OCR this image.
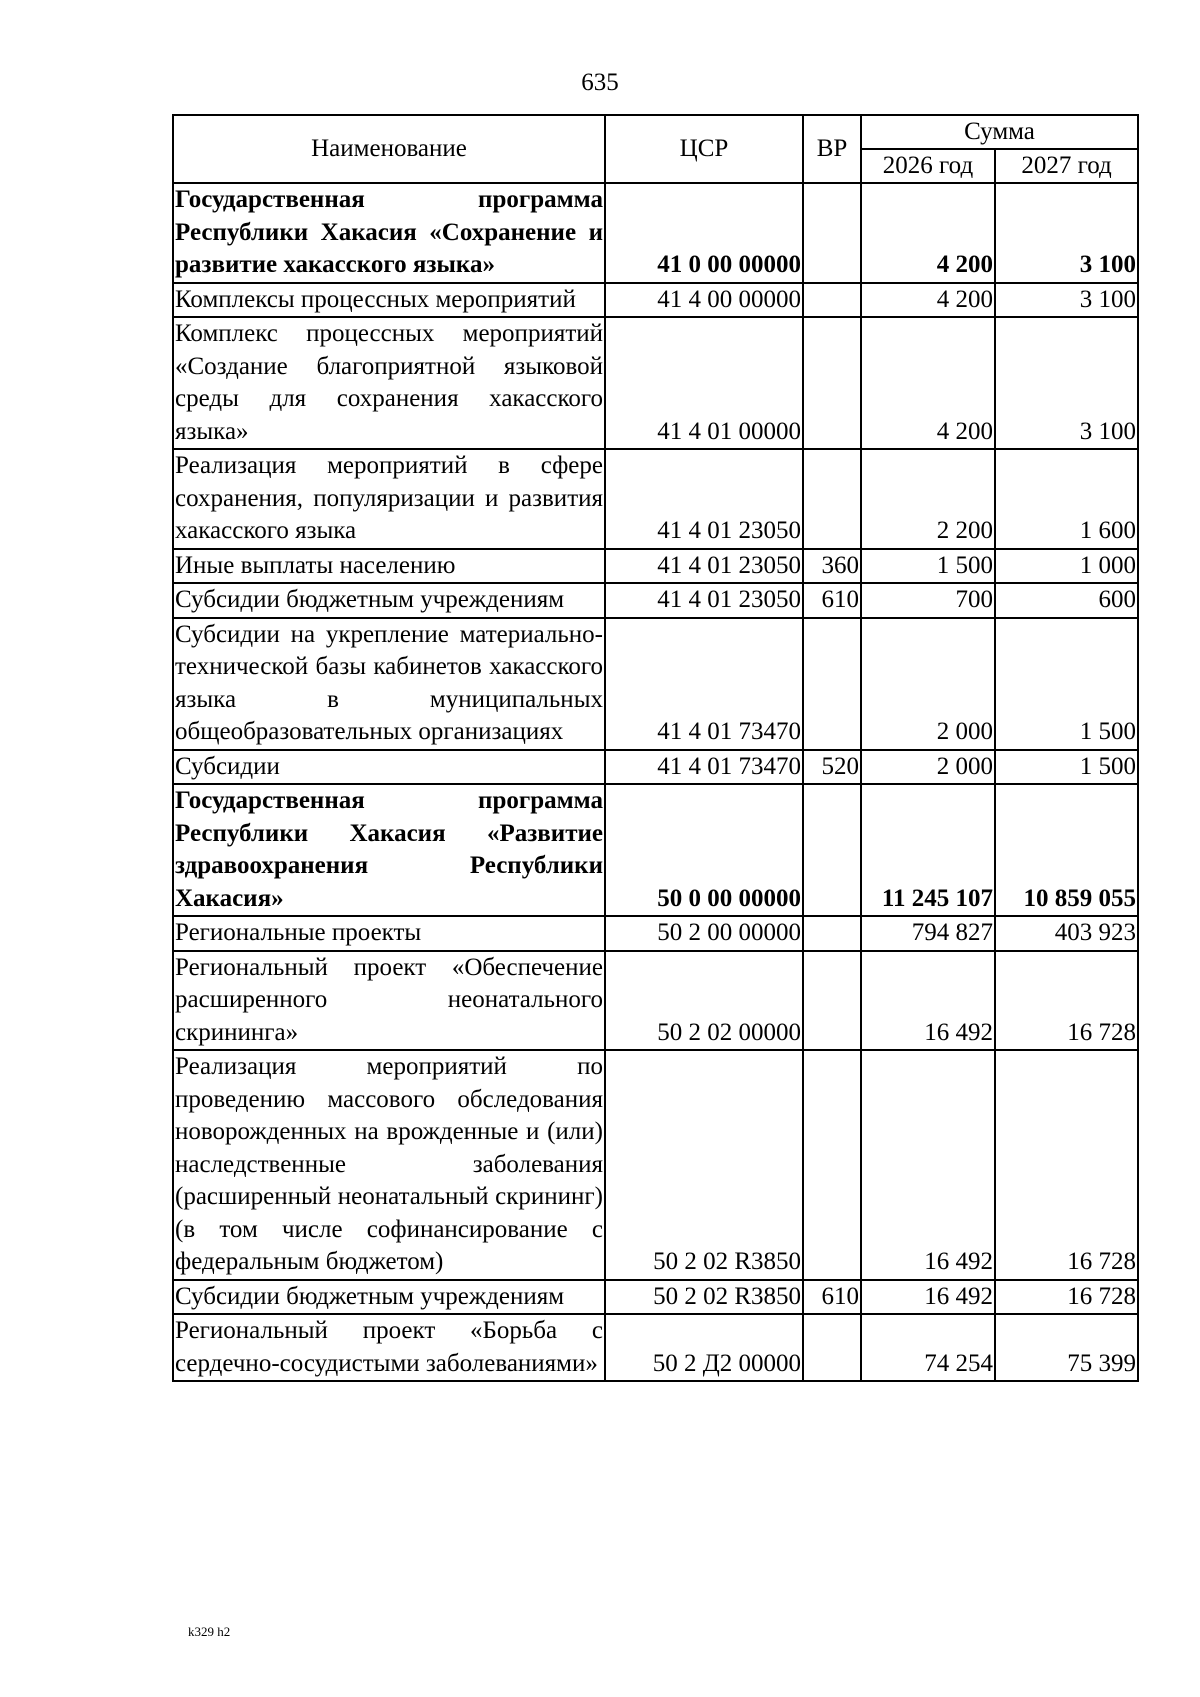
635
Наименование	ЦСР	ВР	Сумма	
			2026 год	2027 год
Государственная программа Республики Хакасия «Сохранение и развитие хакасского языка»	41 0 00 00000		4 200	3 100
Комплексы процессных мероприятий	41 4 00 00000		4 200	3 100
Комплекс процессных мероприятий «Создание благоприятной языковой среды для сохранения хакасского языка»	41 4 01 00000		4 200	3 100
Реализация мероприятий в сфере сохранения, популяризации и развития хакасского языка	41 4 01 23050		2 200	1 600
Иные выплаты населению	41 4 01 23050	360	1 500	1 000
Субсидии бюджетным учреждениям	41 4 01 23050	610	700	600
Субсидии на укрепление материально-технической базы кабинетов хакасского языка в муниципальных общеобразовательных организациях	41 4 01 73470		2 000	1 500
Субсидии	41 4 01 73470	520	2 000	1 500
Государственная программа Республики Хакасия «Развитие здравоохранения Республики Хакасия»	50 0 00 00000		11 245 107	10 859 055
Региональные проекты	50 2 00 00000		794 827	403 923
Региональный проект «Обеспечение расширенного неонатального скрининга»	50 2 02 00000		16 492	16 728
Реализация мероприятий по проведению массового обследования новорожденных на врожденные и (или) наследственные заболевания (расширенный неонатальный скрининг) (в том числе софинансирование с федеральным бюджетом)	50 2 02 R3850		16 492	16 728
Субсидии бюджетным учреждениям	50 2 02 R3850	610	16 492	16 728
Региональный проект «Борьба с сердечно-сосудистыми заболеваниями»	50 2 Д2 00000		74 254	75 399
k329 h2
